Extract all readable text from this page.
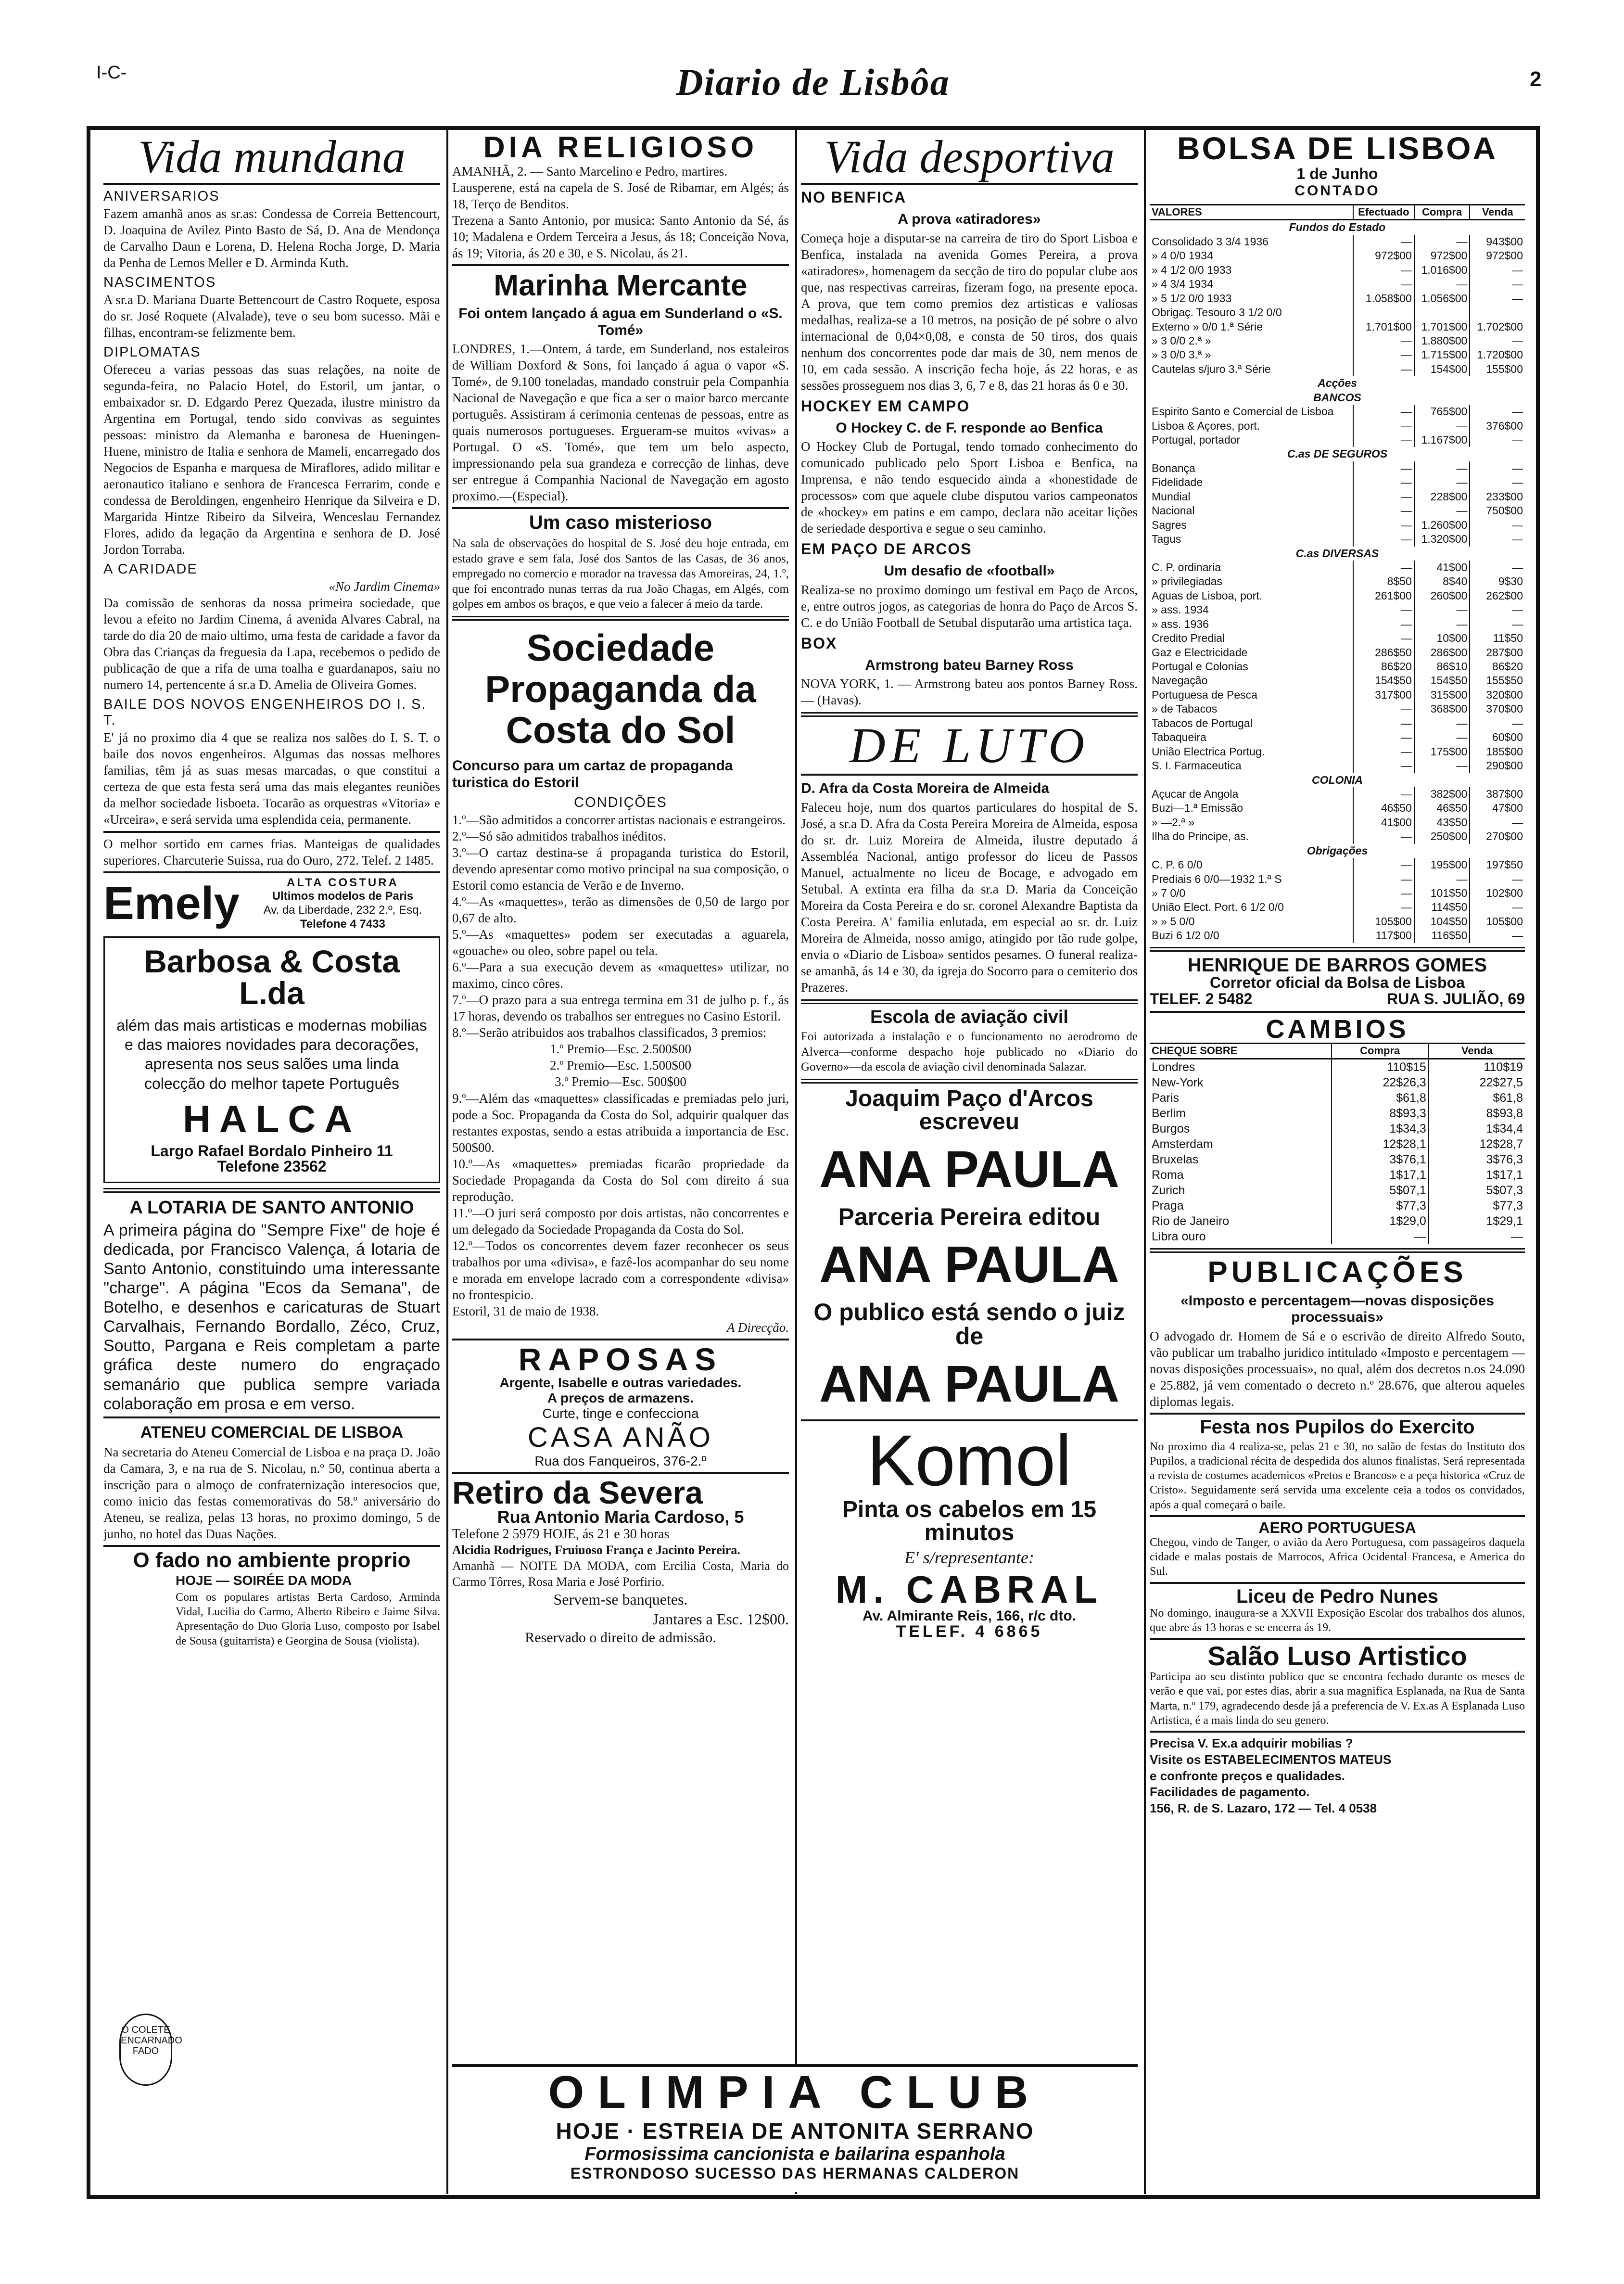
I-C-	Diario de Lisbôa	2
Vida mundana
ANIVERSARIOS

Fazem amanhã anos as sr.as: Condessa de Correia Bettencourt, D. Joaquina de Avilez Pinto Basto de Sá, D. Ana de Mendonça de Carvalho Daun e Lorena, D. Helena Rocha Jorge, D. Maria da Penha de Lemos Meller e D. Arminda Kuth.

NASCIMENTOS

A sr.a D. Mariana Duarte Bettencourt de Castro Roquete, esposa do sr. José Roquete (Alvalade), teve o seu bom sucesso. Mãi e filhas, encontram-se felizmente bem.

DIPLOMATAS

Ofereceu a varias pessoas das suas relações, na noite de segunda-feira, no Palacio Hotel, do Estoril, um jantar, o embaixador sr. D. Edgardo Perez Quezada, ilustre ministro da Argentina em Portugal, tendo sido convivas as seguintes pessoas: ministro da Alemanha e baronesa de Hueningen-Huene, ministro de Italia e senhora de Mameli, encarregado dos Negocios de Espanha e marquesa de Miraflores, adido militar e aeronautico italiano e senhora de Francesca Ferrarim, conde e condessa de Beroldingen, engenheiro Henrique da Silveira e D. Margarida Hintze Ribeiro da Silveira, Wenceslau Fernandez Flores, adido da legação da Argentina e senhora de D. José Jordon Torraba.

A CARIDADE
«No Jardim Cinema»

Da comissão de senhoras da nossa primeira sociedade, que levou a efeito no Jardim Cinema, á avenida Alvares Cabral, na tarde do dia 20 de maio ultimo, uma festa de caridade a favor da Obra das Crianças da freguesia da Lapa, recebemos o pedido de publicação de que a rifa de uma toalha e guardanapos, saiu no numero 14, pertencente á sr.a D. Amelia de Oliveira Gomes.

BAILE DOS NOVOS ENGENHEIROS DO I. S. T.

E' já no proximo dia 4 que se realiza nos salões do I. S. T. o baile dos novos engenheiros. Algumas das nossas melhores familias, têm já as suas mesas marcadas, o que constitui a certeza de que esta festa será uma das mais elegantes reuniões da melhor sociedade lisboeta. Tocarão as orquestras «Vitoria» e «Urceira», e será servida uma esplendida ceia, permanente.

O melhor sortido em carnes frias. Manteigas de qualidades superiores. Charcuterie Suissa, rua do Ouro, 272. Telef. 2 1485.

Emely	ALTA COSTURA
Ultimos modelos de Paris
Av. da Liberdade, 232 2.º, Esq.
Telefone 4 7433
Barbosa & Costa L.da

além das mais artisticas e modernas mobilias e das maiores novidades para decorações, apresenta nos seus salões uma linda colecção do melhor tapete Português

HALCA
Largo Rafael Bordalo Pinheiro 11
Telefone 23562
A LOTARIA DE SANTO ANTONIO

A primeira página do "Sempre Fixe" de hoje é dedicada, por Francisco Valença, á lotaria de Santo Antonio, constituindo uma interessante "charge". A página "Ecos da Semana", de Botelho, e desenhos e caricaturas de Stuart Carvalhais, Fernando Bordallo, Zéco, Cruz, Soutto, Pargana e Reis completam a parte gráfica deste numero do engraçado semanário que publica sempre variada colaboração em prosa e em verso.

ATENEU COMERCIAL DE LISBOA

Na secretaria do Ateneu Comercial de Lisboa e na praça D. João da Camara, 3, e na rua de S. Nicolau, n.º 50, continua aberta a inscrição para o almoço de confraternização interesocios que, como inicio das festas comemorativas do 58.º aniversário do Ateneu, se realiza, pelas 13 horas, no proximo domingo, 5 de junho, no hotel das Duas Nações.

O fado no ambiente proprio
HOJE — SOIRÉE DA MODA

Com os populares artistas Berta Cardoso, Arminda Vidal, Lucilia do Carmo, Alberto Ribeiro e Jaime Silva. Apresentação do Duo Gloria Luso, composto por Isabel de Sousa (guitarrista) e Georgina de Sousa (violista).

O COLETE ENCARNADO FADO
DIA RELIGIOSO

AMANHÃ, 2. — Santo Marcelino e Pedro, martires.

Lausperene, está na capela de S. José de Ribamar, em Algés; ás 18, Terço de Benditos.

Trezena a Santo Antonio, por musica: Santo Antonio da Sé, ás 10; Madalena e Ordem Terceira a Jesus, ás 18; Conceição Nova, ás 19; Vitoria, ás 20 e 30, e S. Nicolau, ás 21.

Marinha Mercante
Foi ontem lançado á agua em Sunderland o «S. Tomé»

LONDRES, 1.—Ontem, á tarde, em Sunderland, nos estaleiros de William Doxford & Sons, foi lançado á agua o vapor «S. Tomé», de 9.100 toneladas, mandado construir pela Companhia Nacional de Navegação e que fica a ser o maior barco mercante português. Assistiram á cerimonia centenas de pessoas, entre as quais numerosos portugueses. Ergueram-se muitos «vivas» a Portugal. O «S. Tomé», que tem um belo aspecto, impressionando pela sua grandeza e correcção de linhas, deve ser entregue á Companhia Nacional de Navegação em agosto proximo.—(Especial).

Um caso misterioso

Na sala de observações do hospital de S. José deu hoje entrada, em estado grave e sem fala, José dos Santos de las Casas, de 36 anos, empregado no comercio e morador na travessa das Amoreiras, 24, 1.º, que foi encontrado nunas terras da rua João Chagas, em Algés, com golpes em ambos os braços, e que veio a falecer á meio da tarde.

Sociedade Propaganda da Costa do Sol
Concurso para um cartaz de propaganda turistica do Estoril
CONDIÇÕES

1.º—São admitidos a concorrer artistas nacionais e estrangeiros.

2.º—Só são admitidos trabalhos inéditos.

3.º—O cartaz destina-se á propaganda turistica do Estoril, devendo apresentar como motivo principal na sua composição, o Estoril como estancia de Verão e de Inverno.

4.º—As «maquettes», terão as dimensões de 0,50 de largo por 0,67 de alto.

5.º—As «maquettes» podem ser executadas a aguarela, «gouache» ou oleo, sobre papel ou tela.

6.º—Para a sua execução devem as «maquettes» utilizar, no maximo, cinco côres.

7.º—O prazo para a sua entrega termina em 31 de julho p. f., ás 17 horas, devendo os trabalhos ser entregues no Casino Estoril.

8.º—Serão atribuidos aos trabalhos classificados, 3 premios:

1.º Premio—Esc. 2.500$00

2.º Premio—Esc. 1.500$00

3.º Premio—Esc. 500$00

9.º—Além das «maquettes» classificadas e premiadas pelo juri, pode a Soc. Propaganda da Costa do Sol, adquirir qualquer das restantes expostas, sendo a estas atribuida a importancia de Esc. 500$00.

10.º—As «maquettes» premiadas ficarão propriedade da Sociedade Propaganda da Costa do Sol com direito á sua reprodução.

11.º—O juri será composto por dois artistas, não concorrentes e um delegado da Sociedade Propaganda da Costa do Sol.

12.º—Todos os concorrentes devem fazer reconhecer os seus trabalhos por uma «divisa», e fazê-los acompanhar do seu nome e morada em envelope lacrado com a correspondente «divisa» no frontespicio.

Estoril, 31 de maio de 1938.

A Direcção.

RAPOSAS
Argente, Isabelle e outras variedades.
A preços de armazens.
Curte, tinge e confecciona
CASA ANÃO
Rua dos Fanqueiros, 376-2.º
Retiro da Severa
Rua Antonio Maria Cardoso, 5

Telefone 2 5979 HOJE, ás 21 e 30 horas

Alcidia Rodrigues, Fruiuoso França e Jacinto Pereira.

Amanhã — NOITE DA MODA, com Ercilia Costa, Maria do Carmo Tôrres, Rosa Maria e José Porfirio.

Servem-se banquetes.

Jantares a Esc. 12$00.

Reservado o direito de admissão.

Vida desportiva
NO BENFICA
A prova «atiradores»

Começa hoje a disputar-se na carreira de tiro do Sport Lisboa e Benfica, instalada na avenida Gomes Pereira, a prova «atiradores», homenagem da secção de tiro do popular clube aos que, nas respectivas carreiras, fizeram fogo, na presente epoca. A prova, que tem como premios dez artisticas e valiosas medalhas, realiza-se a 10 metros, na posição de pé sobre o alvo internacional de 0,04×0,08, e consta de 50 tiros, dos quais nenhum dos concorrentes pode dar mais de 30, nem menos de 10, em cada sessão. A inscrição fecha hoje, ás 22 horas, e as sessões prosseguem nos dias 3, 6, 7 e 8, das 21 horas ás 0 e 30.

HOCKEY EM CAMPO
O Hockey C. de F. responde ao Benfica

O Hockey Club de Portugal, tendo tomado conhecimento do comunicado publicado pelo Sport Lisboa e Benfica, na Imprensa, e não tendo esquecido ainda a «honestidade de processos» com que aquele clube disputou varios campeonatos de «hockey» em patins e em campo, declara não aceitar lições de seriedade desportiva e segue o seu caminho.

EM PAÇO DE ARCOS
Um desafio de «football»

Realiza-se no proximo domingo um festival em Paço de Arcos, e, entre outros jogos, as categorias de honra do Paço de Arcos S. C. e do União Football de Setubal disputarão uma artistica taça.

BOX
Armstrong bateu Barney Ross

NOVA YORK, 1. — Armstrong bateu aos pontos Barney Ross. — (Havas).

DE LUTO
D. Afra da Costa Moreira de Almeida

Faleceu hoje, num dos quartos particulares do hospital de S. José, a sr.a D. Afra da Costa Pereira Moreira de Almeida, esposa do sr. dr. Luiz Moreira de Almeida, ilustre deputado á Assembléa Nacional, antigo professor do liceu de Passos Manuel, actualmente no liceu de Bocage, e advogado em Setubal. A extinta era filha da sr.a D. Maria da Conceição Moreira da Costa Pereira e do sr. coronel Alexandre Baptista da Costa Pereira. A' familia enlutada, em especial ao sr. dr. Luiz Moreira de Almeida, nosso amigo, atingido por tão rude golpe, envia o «Diario de Lisboa» sentidos pesames. O funeral realiza-se amanhã, ás 14 e 30, da igreja do Socorro para o cemiterio dos Prazeres.

Escola de aviação civil

Foi autorizada a instalação e o funcionamento no aerodromo de Alverca—conforme despacho hoje publicado no «Diario do Governo»—da escola de aviação civil denominada Salazar.

Joaquim Paço d'Arcos escreveu
ANA PAULA
Parceria Pereira editou
ANA PAULA
O publico está sendo o juiz de
ANA PAULA
Komol
Pinta os cabelos em 15 minutos
E' s/representante:
M. CABRAL
Av. Almirante Reis, 166, r/c dto.
TELEF. 4 6865
BOLSA DE LISBOA
1 de Junho
CONTADO
VALORES	Efectuado	Compra	Venda
Fundos do Estado			
Consolidado 3 3/4 1936	—	—	943$00
» 4 0/0 1934	972$00	972$00	972$00
» 4 1/2 0/0 1933	—	1.016$00	—
» 4 3/4 1934	—	—	—
» 5 1/2 0/0 1933	1.058$00	1.056$00	—
Obrigaç. Tesouro 3 1/2 0/0			
Externo » 0/0 1.ª Série	1.701$00	1.701$00	1.702$00
» 3 0/0 2.ª »	—	1.880$00	—
» 3 0/0 3.ª »	—	1.715$00	1.720$00
Cautelas s/juro 3.ª Série	—	154$00	155$00
Acções			
BANCOS			
Espirito Santo e Comercial de Lisboa	—	765$00	—
Lisboa & Açores, port.	—	—	376$00
Portugal, portador	—	1.167$00	—
C.as DE SEGUROS			
Bonança	—	—	—
Fidelidade	—	—	—
Mundial	—	228$00	233$00
Nacional	—	—	750$00
Sagres	—	1.260$00	—
Tagus	—	1.320$00	—
C.as DIVERSAS			
C. P. ordinaria	—	41$00	—
» privilegiadas	8$50	8$40	9$30
Aguas de Lisboa, port.	261$00	260$00	262$00
» ass. 1934	—	—	—
» ass. 1936	—	—	—
Credito Predial	—	10$00	11$50
Gaz e Electricidade	286$50	286$00	287$00
Portugal e Colonias	86$20	86$10	86$20
Navegação	154$50	154$50	155$50
Portuguesa de Pesca	317$00	315$00	320$00
» de Tabacos	—	368$00	370$00
Tabacos de Portugal	—	—	—
Tabaqueira	—	—	60$00
União Electrica Portug.	—	175$00	185$00
S. I. Farmaceutica	—	—	290$00
COLONIA			
Açucar de Angola	—	382$00	387$00
Buzi—1.ª Emissão	46$50	46$50	47$00
» —2.ª »	41$00	43$50	—
Ilha do Principe, as.	—	250$00	270$00
Obrigações			
C. P. 6 0/0	—	195$00	197$50
Prediais 6 0/0—1932 1.ª S	—	—	—
» 7 0/0	—	101$50	102$00
União Elect. Port. 6 1/2 0/0	—	114$50	—
» » 5 0/0	105$00	104$50	105$00
Buzi 6 1/2 0/0	117$00	116$50	—
HENRIQUE DE BARROS GOMES
Corretor oficial da Bolsa de Lisboa
TELEF. 2 5482	RUA S. JULIÃO, 69
CAMBIOS
CHEQUE SOBRE	Compra	Venda
Londres	110$15	110$19
New-York	22$26,3	22$27,5
Paris	$61,8	$61,8
Berlim	8$93,3	8$93,8
Burgos	1$34,3	1$34,4
Amsterdam	12$28,1	12$28,7
Bruxelas	3$76,1	3$76,3
Roma	1$17,1	1$17,1
Zurich	5$07,1	5$07,3
Praga	$77,3	$77,3
Rio de Janeiro	1$29,0	1$29,1
Libra ouro	—	—
PUBLICAÇÕES
«Imposto e percentagem—novas disposições processuais»

O advogado dr. Homem de Sá e o escrivão de direito Alfredo Souto, vão publicar um trabalho juridico intitulado «Imposto e percentagem — novas disposições processuais», no qual, além dos decretos n.os 24.090 e 25.882, já vem comentado o decreto n.º 28.676, que alterou aqueles diplomas legais.

Festa nos Pupilos do Exercito

No proximo dia 4 realiza-se, pelas 21 e 30, no salão de festas do Instituto dos Pupilos, a tradicional récita de despedida dos alunos finalistas. Será representada a revista de costumes academicos «Pretos e Brancos» e a peça historica «Cruz de Cristo». Seguidamente será servida uma excelente ceia a todos os convidados, após a qual começará o baile.

AERO PORTUGUESA

Chegou, vindo de Tanger, o avião da Aero Portuguesa, com passageiros daquela cidade e malas postais de Marrocos, Africa Ocidental Francesa, e America do Sul.

Liceu de Pedro Nunes

No domingo, inaugura-se a XXVII Exposição Escolar dos trabalhos dos alunos, que abre ás 13 horas e se encerra ás 19.

Salão Luso Artistico

Participa ao seu distinto publico que se encontra fechado durante os meses de verão e que vai, por estes dias, abrir a sua magnifica Esplanada, na Rua de Santa Marta, n.º 179, agradecendo desde já a preferencia de V. Ex.as A Esplanada Luso Artistica, é a mais linda do seu genero.

Precisa V. Ex.a adquirir mobilias ?
Visite os ESTABELECIMENTOS MATEUS
e confronte preços e qualidades.
Facilidades de pagamento.
156, R. de S. Lazaro, 172 — Tel. 4 0538
OLIMPIA CLUB
HOJE · ESTREIA DE ANTONITA SERRANO
Formosissima cancionista e bailarina espanhola
ESTRONDOSO SUCESSO DAS HERMANAS CALDERON
